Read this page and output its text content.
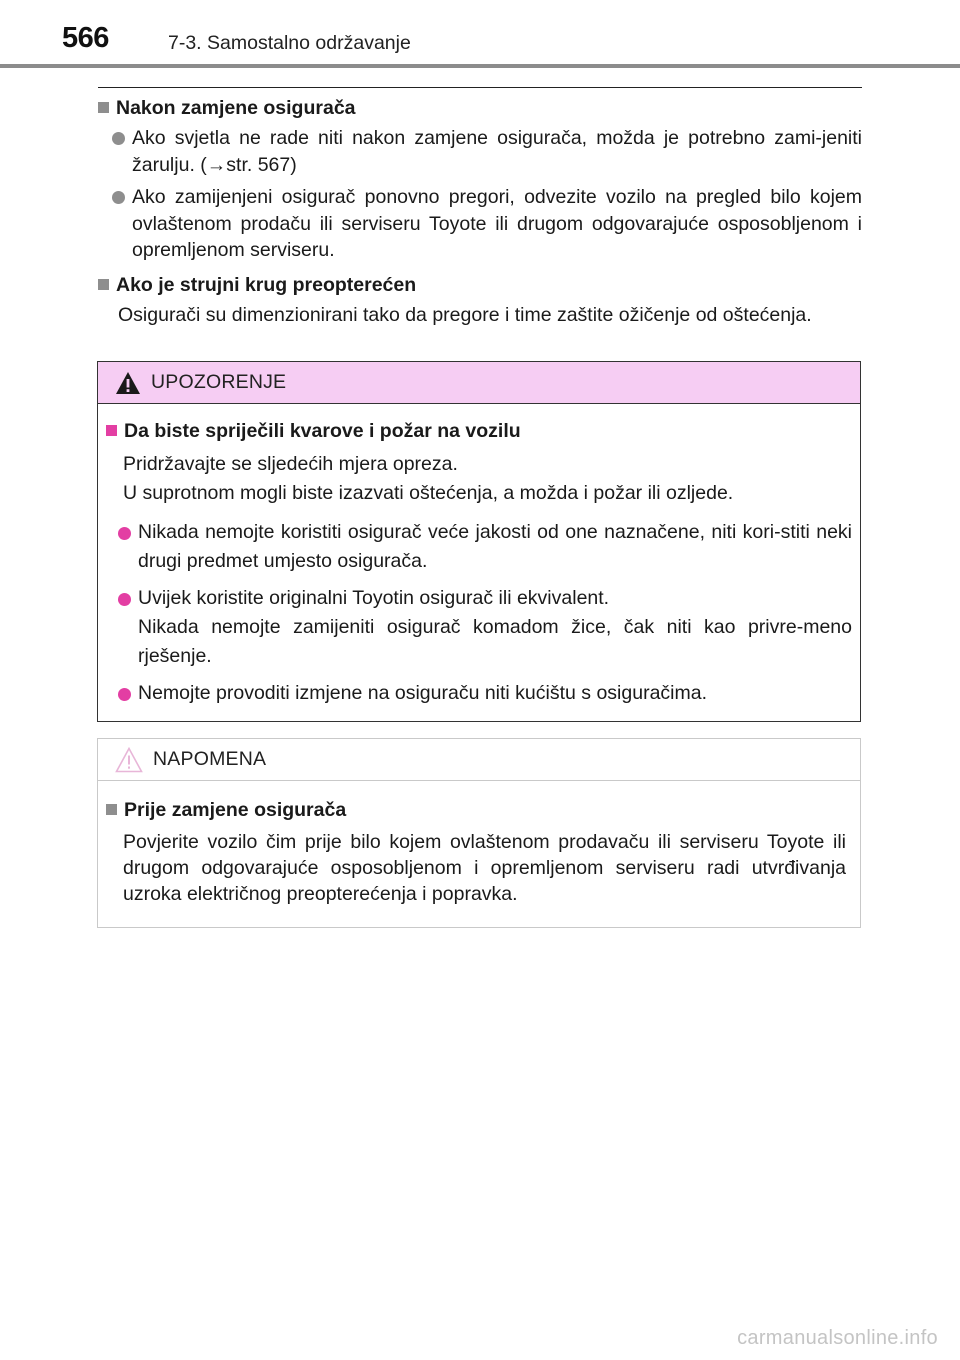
566	7-3. Samostalno održavanje
Nakon zamjene osigurača
Ako svjetla ne rade niti nakon zamjene osigurača, možda je potrebno zami-jeniti žarulju. (→str. 567)
Ako zamijenjeni osigurač ponovno pregori, odvezite vozilo na pregled bilo kojem ovlaštenom prodaču ili serviseru Toyote ili drugom odgovarajuće osposobljenom i opremljenom serviseru.
Ako je strujni krug preopterećen

Osigurači su dimenzionirani tako da pregore i time zaštite ožičenje od oštećenja.

UPOZORENJE
Da biste spriječili kvarove i požar na vozilu

Pridržavajte se sljedećih mjera opreza.

U suprotnom mogli biste izazvati oštećenja, a možda i požar ili ozljede.

Nikada nemojte koristiti osigurač veće jakosti od one naznačene, niti kori-stiti neki drugi predmet umjesto osigurača.
Uvijek koristite originalni Toyotin osigurač ili ekvivalent.
Nikada nemojte zamijeniti osigurač komadom žice, čak niti kao privre-meno rješenje.
Nemojte provoditi izmjene na osiguraču niti kućištu s osiguračima.
NAPOMENA
Prije zamjene osigurača

Povjerite vozilo čim prije bilo kojem ovlaštenom prodavaču ili serviseru Toyote ili drugom odgovarajuće osposobljenom i opremljenom serviseru radi utvrđivanja uzroka električnog preopterećenja i popravka.

carmanualsonline.info
